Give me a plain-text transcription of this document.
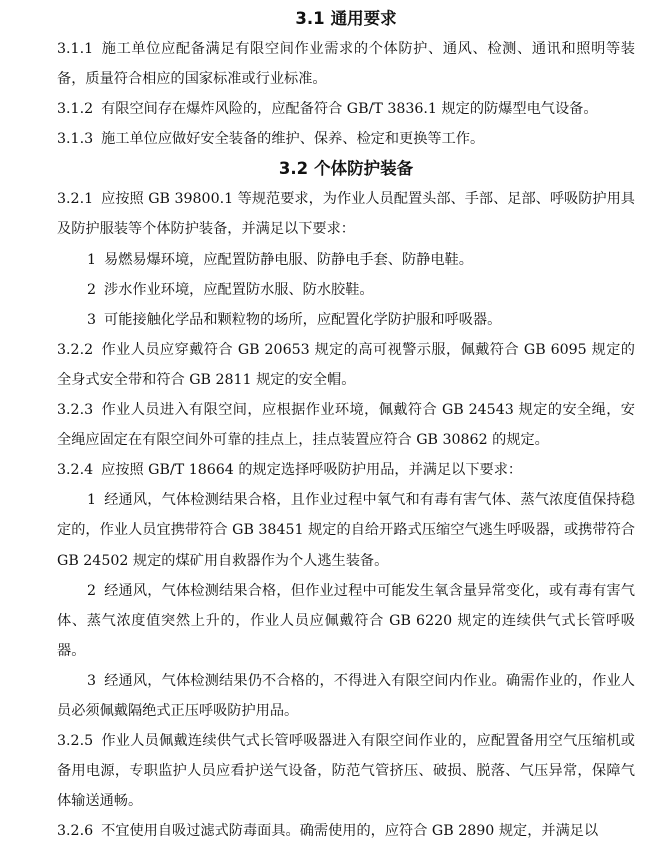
3.1 通用要求

3.1.1 施工单位应配备满足有限空间作业需求的个体防护、通风、检测、通讯和照明等装备，质量符合相应的国家标准或行业标准。

3.1.2 有限空间存在爆炸风险的，应配备符合 GB/T 3836.1 规定的防爆型电气设备。

3.1.3 施工单位应做好安全装备的维护、保养、检定和更换等工作。

3.2 个体防护装备

3.2.1 应按照 GB 39800.1 等规范要求，为作业人员配置头部、手部、足部、呼吸防护用具及防护服装等个体防护装备，并满足以下要求：

1 易燃易爆环境，应配置防静电服、防静电手套、防静电鞋。

2 涉水作业环境，应配置防水服、防水胶鞋。

3 可能接触化学品和颗粒物的场所，应配置化学防护服和呼吸器。

3.2.2 作业人员应穿戴符合 GB 20653 规定的高可视警示服，佩戴符合 GB 6095 规定的全身式安全带和符合 GB 2811 规定的安全帽。

3.2.3 作业人员进入有限空间，应根据作业环境，佩戴符合 GB 24543 规定的安全绳，安全绳应固定在有限空间外可靠的挂点上，挂点装置应符合 GB 30862 的规定。

3.2.4 应按照 GB/T 18664 的规定选择呼吸防护用品，并满足以下要求：

1 经通风，气体检测结果合格，且作业过程中氧气和有毒有害气体、蒸气浓度值保持稳定的，作业人员宜携带符合 GB 38451 规定的自给开路式压缩空气逃生呼吸器，或携带符合 GB 24502 规定的煤矿用自救器作为个人逃生装备。

2 经通风，气体检测结果合格，但作业过程中可能发生氧含量异常变化，或有毒有害气体、蒸气浓度值突然上升的，作业人员应佩戴符合 GB 6220 规定的连续供气式长管呼吸器。

3 经通风，气体检测结果仍不合格的，不得进入有限空间内作业。确需作业的，作业人员必须佩戴隔绝式正压呼吸防护用品。

3.2.5 作业人员佩戴连续供气式长管呼吸器进入有限空间作业的，应配置备用空气压缩机或备用电源，专职监护人员应看护送气设备，防范气管挤压、破损、脱落、气压异常，保障气体输送通畅。

3.2.6 不宜使用自吸过滤式防毒面具。确需使用的，应符合 GB 2890 规定，并满足以
